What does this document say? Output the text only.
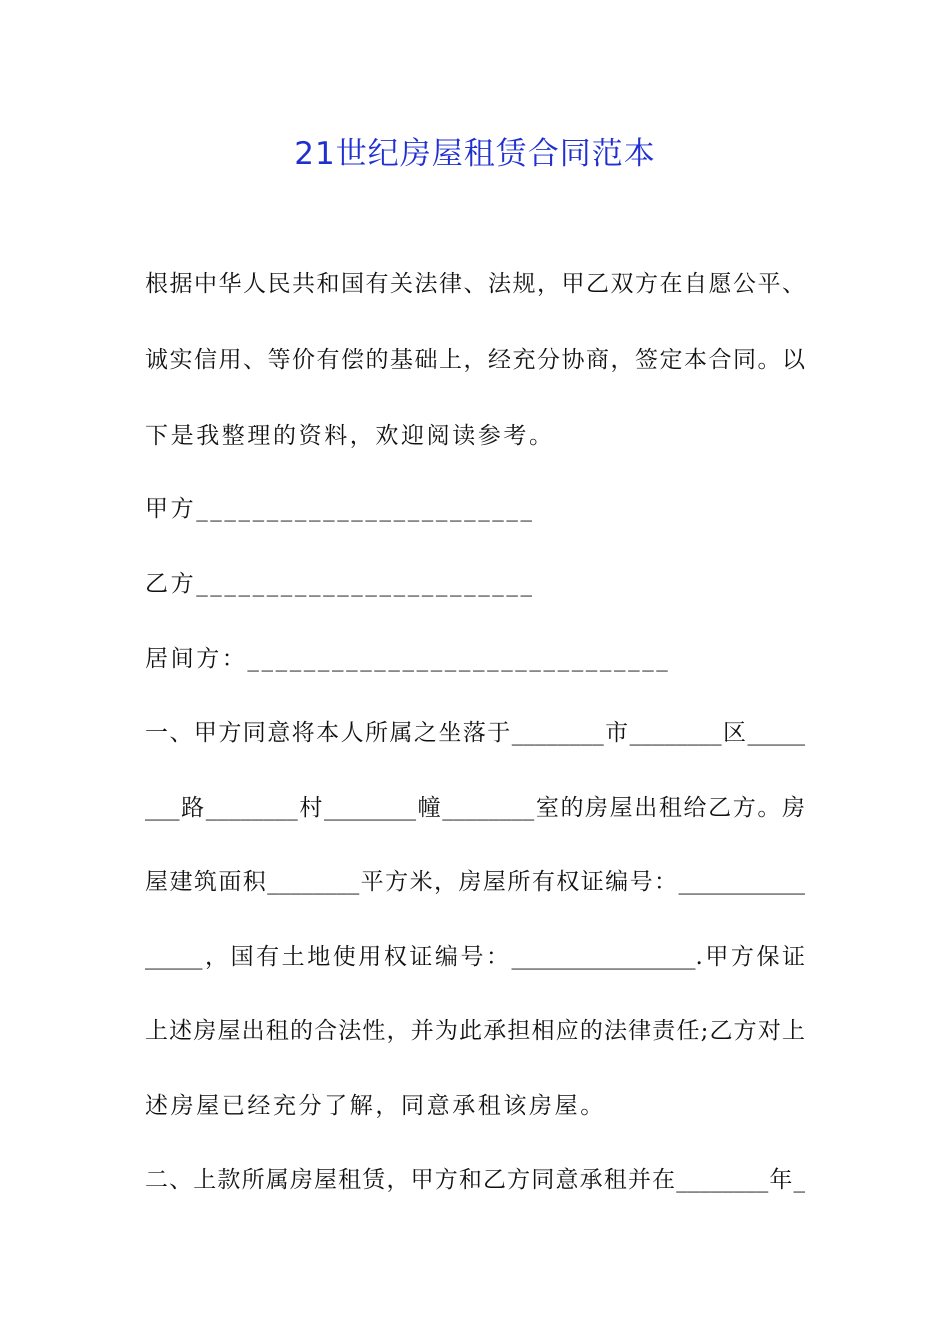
21世纪房屋租赁合同范本
根据中华人民共和国有关法律、法规，甲乙双方在自愿公平、
诚实信用、等价有偿的基础上，经充分协商，签定本合同。以
下是我整理的资料，欢迎阅读参考。
甲方________________________
乙方________________________
居间方：______________________________
一、甲方同意将本人所属之坐落于________市________区_____
___路________村________幢________室的房屋出租给乙方。房
屋建筑面积________平方米，房屋所有权证编号：___________
_____，国有土地使用权证编号：________________.甲方保证
上述房屋出租的合法性，并为此承担相应的法律责任;乙方对上
述房屋已经充分了解，同意承租该房屋。
二、上款所属房屋租赁，甲方和乙方同意承租并在________年_
